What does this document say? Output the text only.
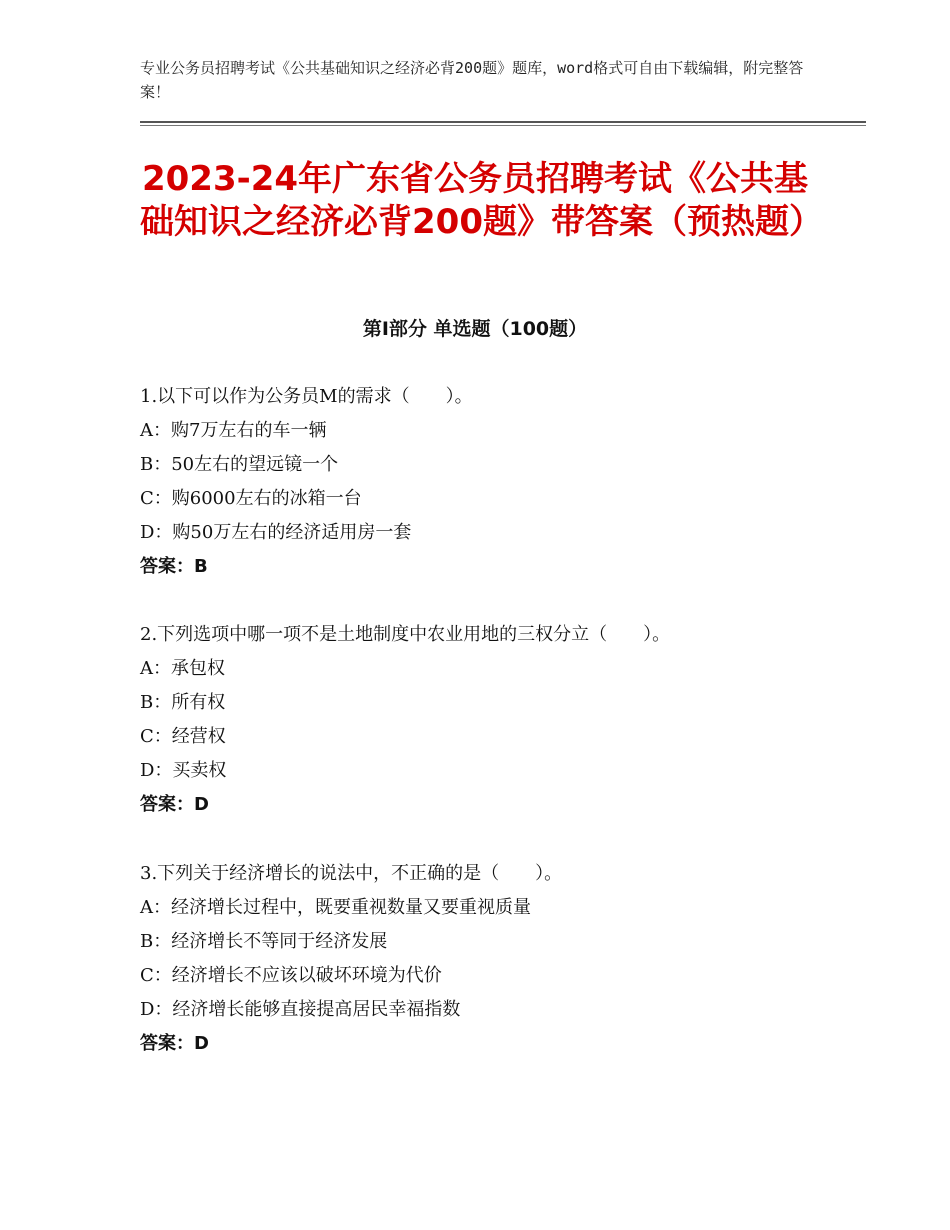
专业公务员招聘考试《公共基础知识之经济必背200题》题库，word格式可自由下载编辑，附完整答案！
2023-24年广东省公务员招聘考试《公共基础知识之经济必背200题》带答案（预热题）
第Ⅰ部分 单选题（100题）
1.以下可以作为公务员M的需求（　　）。
A：购7万左右的车一辆
B：50左右的望远镜一个
C：购6000左右的冰箱一台
D：购50万左右的经济适用房一套
答案：B
2.下列选项中哪一项不是土地制度中农业用地的三权分立（　　）。
A：承包权
B：所有权
C：经营权
D：买卖权
答案：D
3.下列关于经济增长的说法中，不正确的是（　　）。
A：经济增长过程中，既要重视数量又要重视质量
B：经济增长不等同于经济发展
C：经济增长不应该以破坏环境为代价
D：经济增长能够直接提高居民幸福指数
答案：D
